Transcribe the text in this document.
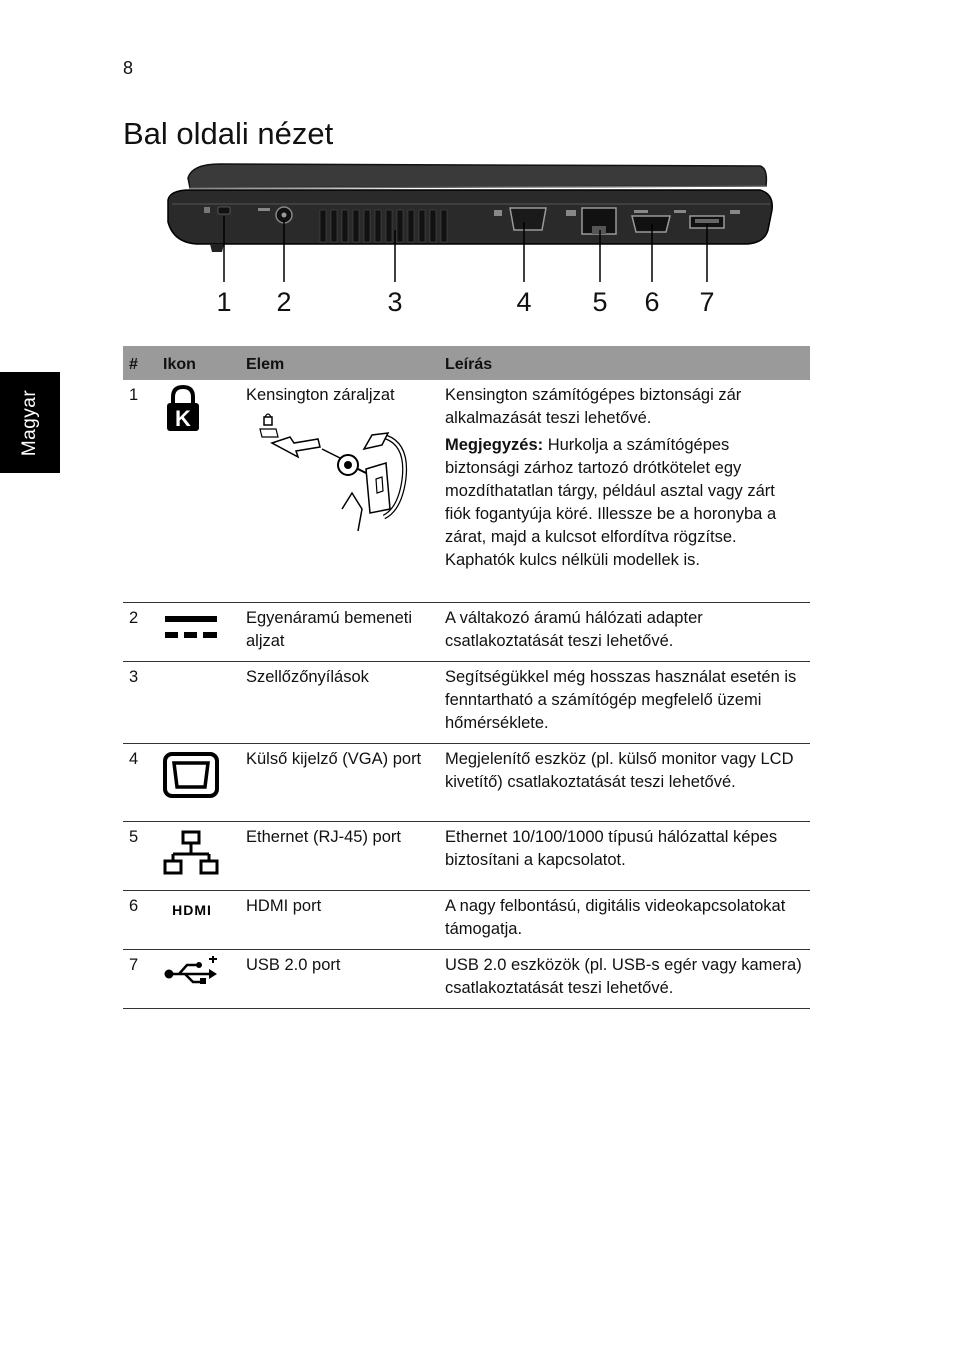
8
Bal oldali nézet
Magyar
1 2	3	4 5 6 7
#	Ikon	Elem	Leírás
1	K	Kensington záraljzat	Kensington számítógépes biztonsági zár alkalmazását teszi lehetővé.

Megjegyzés: Hurkolja a számítógépes biztonsági zárhoz tartozó drótkötelet egy mozdíthatatlan tárgy, például asztal vagy zárt fiók fogantyúja köré. Illessze be a horonyba a zárat, majd a kulcsot elfordítva rögzítse. Kaphatók kulcs nélküli modellek is.

2		Egyenáramú bemeneti aljzat	A váltakozó áramú hálózati adapter csatlakoztatását teszi lehetővé.
3		Szellőzőnyílások	Segítségükkel még hosszas használat esetén is fenntartható a számítógép megfelelő üzemi hőmérséklete.
4		Külső kijelző (VGA) port	Megjelenítő eszköz (pl. külső monitor vagy LCD kivetítő) csatlakoztatását teszi lehetővé.
5		Ethernet (RJ-45) port	Ethernet 10/100/1000 típusú hálózattal képes biztosítani a kapcsolatot.
6	HDMI	HDMI port	A nagy felbontású, digitális videokapcsolatokat támogatja.
7		USB 2.0 port	USB 2.0 eszközök (pl. USB-s egér vagy kamera) csatlakoztatását teszi lehetővé.
